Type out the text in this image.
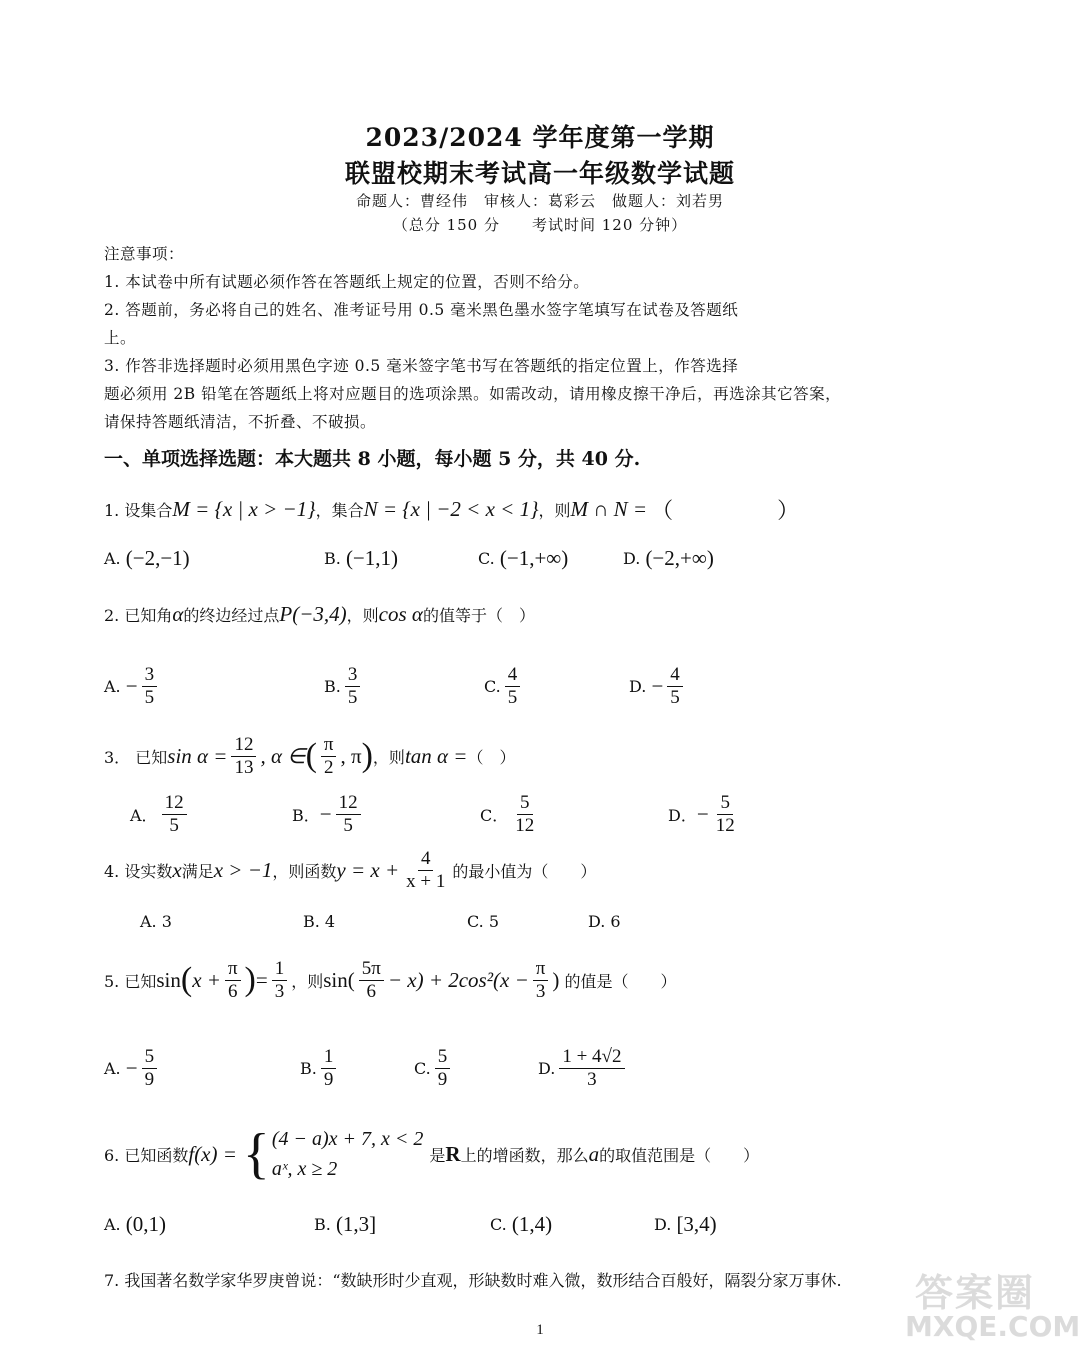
2023/2024 学年度第一学期
联盟校期末考试高一年级数学试题
命题人：曹经伟　审核人：葛彩云　做题人：刘若男
（总分 150 分　　考试时间 120 分钟）
注意事项：
1. 本试卷中所有试题必须作答在答题纸上规定的位置，否则不给分。
2. 答题前，务必将自己的姓名、准考证号用 0.5 毫米黑色墨水签字笔填写在试卷及答题纸
上。
3. 作答非选择题时必须用黑色字迹 0.5 毫米签字笔书写在答题纸的指定位置上，作答选择
题必须用 2B 铅笔在答题纸上将对应题目的选项涂黑。如需改动，请用橡皮擦干净后，再选涂其它答案，
请保持答题纸清洁，不折叠、不破损。
一、单项选择选题：本大题共 8 小题，每小题 5 分，共 40 分.
1. 设集合 M = {x | x > −1} ，集合 N = {x | −2 < x < 1} ，则 M ∩ N = （　　）
A.
(−2,−1)	B.
(−1,1)	C.
(−1,+∞)	D.
(−2,+∞)
2. 已知角 α 的终边经过点 P(−3,4) ，则 cos α 的值等于（　）
A.
− $\frac{3}{5}$	B. $\frac{3}{5}$	C. $\frac{4}{5}$	D.
− $\frac{4}{5}$
3． 已知 $\sin \alpha = \frac{12}{13}$ , α ∈ ( $\frac{\pi}{2}$ , π ) ，则 tan α = （　）
A． $\frac{12}{5}$	B． − $\frac{12}{5}$	C． $\frac{5}{12}$	D． − $\frac{5}{12}$
4. 设实数 x 满足 x > −1 ，则函数 $y = x + \frac{4}{x + 1}$ 的最小值为（　　）
A. 3	B. 4	C. 5	D. 6
5. 已知 sin ( $x + \frac{\pi}{6}$ ) = $\frac{1}{3}$ ，则 $\sin( \frac{5\pi}{6} - x) + 2\cos^2(x - \frac{\pi}{3}$ )
的值是（　　）
A.
− $\frac{5}{9}$	B. $\frac{1}{9}$	C. $\frac{5}{9}$	D. $\frac{1 + 4√2}{3}$
6. 已知函数 f(x) = { (4 − a)x + 7, x < 2
aˣ, x ≥ 2
是 R 上的增函数，那么 a 的取值范围是（　　）
A.
(0,1)	B.
(1,3]	C.
(1,4)	D.
[3,4)
7. 我国著名数学家华罗庚曾说：“数缺形时少直观，形缺数时难入微，数形结合百般好，隔裂分家万事休.
1
答案圈
MXQE.COM
